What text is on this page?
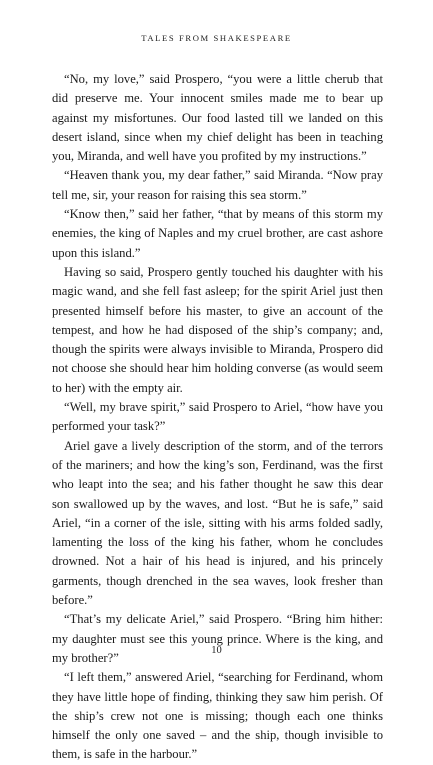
TALES FROM SHAKESPEARE

“No, my love,” said Prospero, “you were a little cherub that did preserve me. Your innocent smiles made me to bear up against my misfortunes. Our food lasted till we landed on this desert island, since when my chief delight has been in teaching you, Miranda, and well have you profited by my instructions.”

“Heaven thank you, my dear father,” said Miranda. “Now pray tell me, sir, your reason for raising this sea storm.”

“Know then,” said her father, “that by means of this storm my enemies, the king of Naples and my cruel brother, are cast ashore upon this island.”

Having so said, Prospero gently touched his daughter with his magic wand, and she fell fast asleep; for the spirit Ariel just then presented himself before his master, to give an account of the tempest, and how he had disposed of the ship’s company; and, though the spirits were always invisible to Miranda, Prospero did not choose she should hear him holding converse (as would seem to her) with the empty air.

“Well, my brave spirit,” said Prospero to Ariel, “how have you performed your task?”

Ariel gave a lively description of the storm, and of the terrors of the mariners; and how the king’s son, Ferdinand, was the first who leapt into the sea; and his father thought he saw this dear son swallowed up by the waves, and lost. “But he is safe,” said Ariel, “in a corner of the isle, sitting with his arms folded sadly, lamenting the loss of the king his father, whom he concludes drowned. Not a hair of his head is injured, and his princely garments, though drenched in the sea waves, look fresher than before.”

“That’s my delicate Ariel,” said Prospero. “Bring him hither: my daughter must see this young prince. Where is the king, and my brother?”

“I left them,” answered Ariel, “searching for Ferdinand, whom they have little hope of finding, thinking they saw him perish. Of the ship’s crew not one is missing; though each one thinks himself the only one saved – and the ship, though invisible to them, is safe in the harbour.”

10
